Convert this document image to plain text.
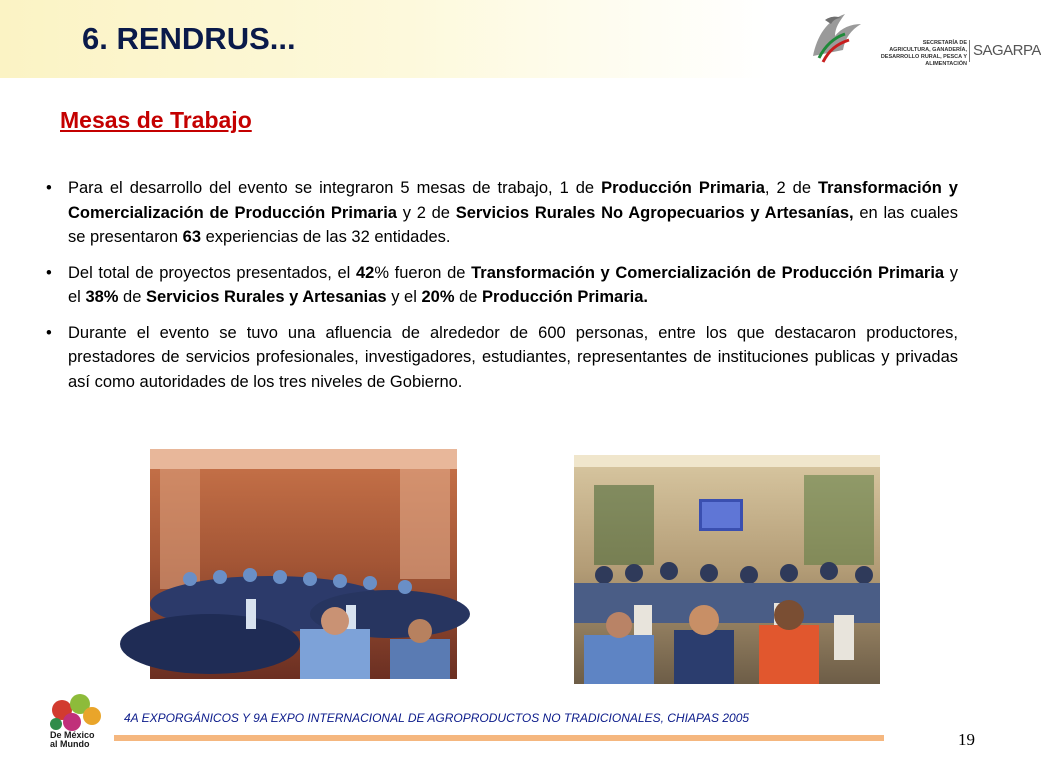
6. RENDRUS...	SECRETARÍA DE
AGRICULTURA, GANADERÍA,
DESARROLLO RURAL, PESCA Y ALIMENTACIÓN
SAGARPA
Mesas de Trabajo
• Para el desarrollo del evento se integraron 5 mesas de trabajo, 1 de Producción Primaria, 2 de Transformación y Comercialización de Producción Primaria y 2 de Servicios Rurales No Agropecuarios y Artesanías, en las cuales se presentaron 63 experiencias de las 32 entidades.
• Del total de proyectos presentados, el 42% fueron de Transformación y Comercialización de Producción Primaria y el 38% de Servicios Rurales y Artesanias y el 20% de Producción Primaria.
• Durante el evento se tuvo una afluencia de alrededor de 600 personas, entre los que destacaron productores, prestadores de servicios profesionales, investigadores, estudiantes, representantes de instituciones publicas y privadas así como autoridades de los tres niveles de Gobierno.
De México
al Mundo

4A EXPORGÁNICOS Y 9A EXPO INTERNACIONAL DE AGROPRODUCTOS NO TRADICIONALES, CHIAPAS 2005

19
